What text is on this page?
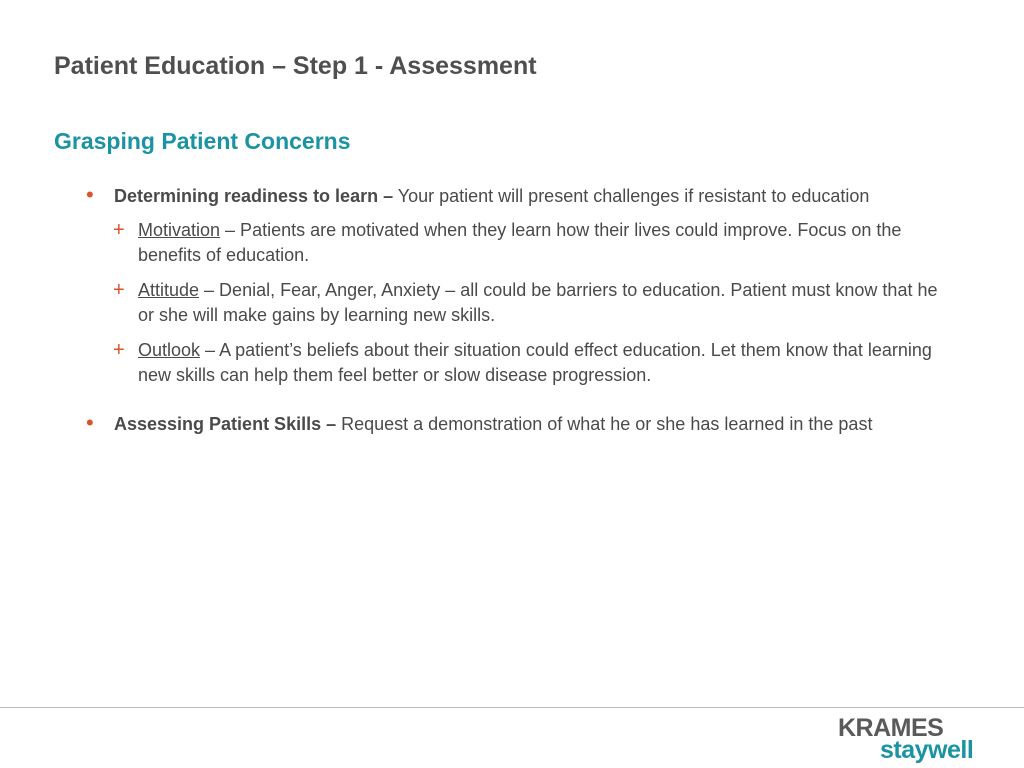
Patient Education – Step 1 - Assessment
Grasping Patient Concerns
• Determining readiness to learn – Your patient will present challenges if resistant to education
+ Motivation – Patients are motivated when they learn how their lives could improve. Focus on the benefits of education.
+ Attitude – Denial, Fear, Anger, Anxiety – all could be barriers to education. Patient must know that he or she will make gains by learning new skills.
+ Outlook – A patient’s beliefs about their situation could effect education. Let them know that learning new skills can help them feel better or slow disease progression.
• Assessing Patient Skills – Request a demonstration of what he or she has learned in the past
KRAMES
staywell
